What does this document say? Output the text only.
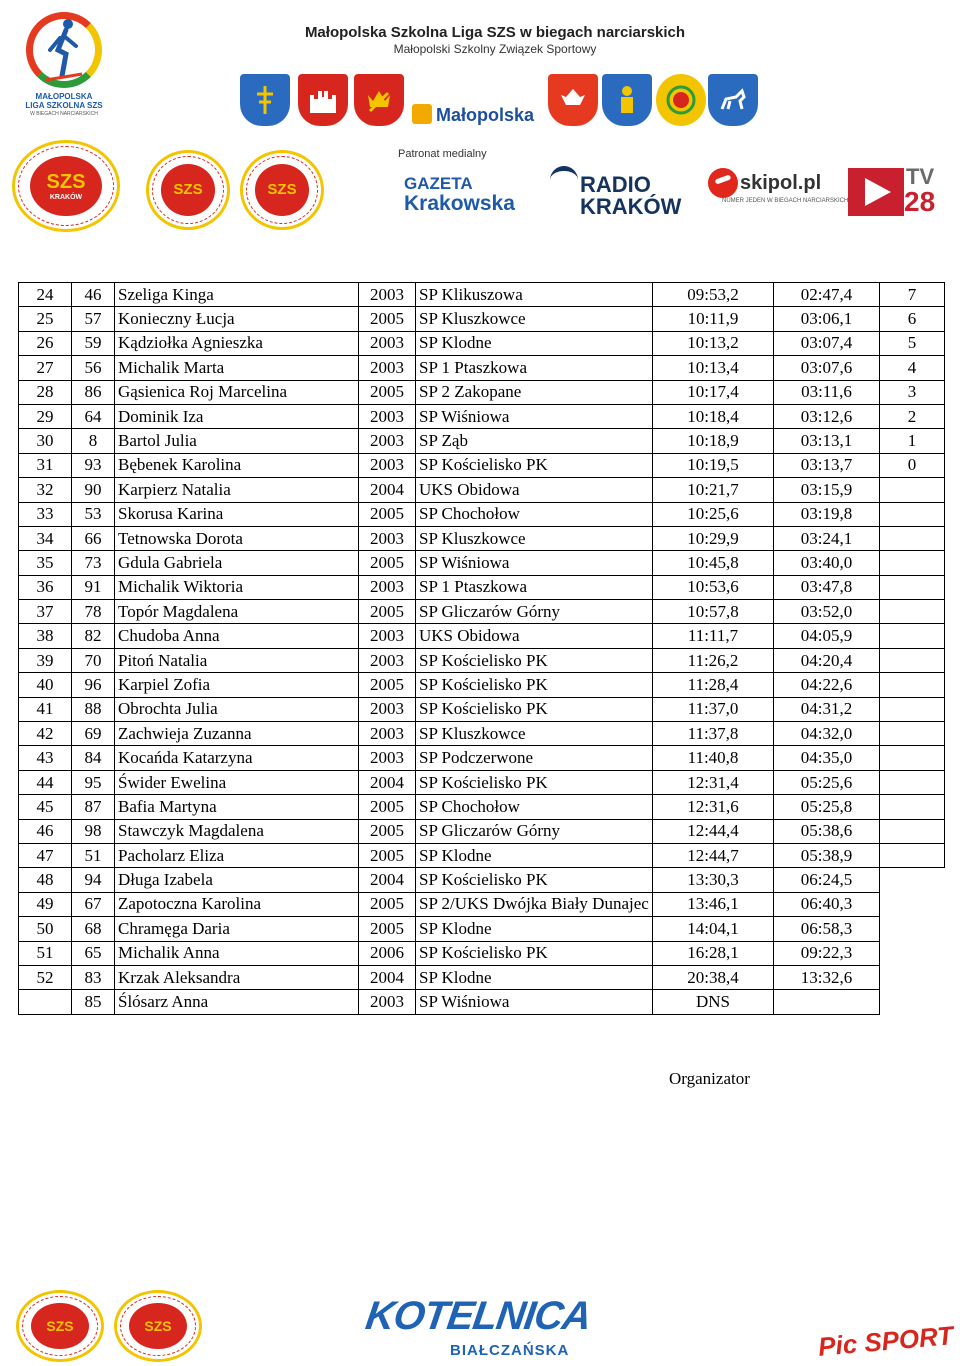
MAŁOPOLSKA
LIGA SZKOLNA SZS
W BIEGACH NARCIARSKICH
Małopolska Szkolna Liga SZS w biegach narciarskich
Małopolski Szkolny Związek Sportowy
Małopolska
SZS
KRAKÓW	SZS	SZS
Patronat medialny
GAZETA
Krakowska
RADIO
KRAKÓW
skipol.pl
NUMER JEDEN W BIEGACH NARCIARSKICH
TV
28
24	46	Szeliga Kinga	2003	SP Klikuszowa	09:53,2	02:47,4	7
25	57	Konieczny Łucja	2005	SP Kluszkowce	10:11,9	03:06,1	6
26	59	Kądziołka Agnieszka	2003	SP Klodne	10:13,2	03:07,4	5
27	56	Michalik Marta	2003	SP 1 Ptaszkowa	10:13,4	03:07,6	4
28	86	Gąsienica Roj Marcelina	2005	SP 2 Zakopane	10:17,4	03:11,6	3
29	64	Dominik Iza	2003	SP Wiśniowa	10:18,4	03:12,6	2
30	8	Bartol Julia	2003	SP Ząb	10:18,9	03:13,1	1
31	93	Bębenek Karolina	2003	SP Kościelisko PK	10:19,5	03:13,7	0
32	90	Karpierz Natalia	2004	UKS Obidowa	10:21,7	03:15,9	
33	53	Skorusa Karina	2005	SP Chochołow	10:25,6	03:19,8	
34	66	Tetnowska Dorota	2003	SP Kluszkowce	10:29,9	03:24,1	
35	73	Gdula Gabriela	2005	SP Wiśniowa	10:45,8	03:40,0	
36	91	Michalik Wiktoria	2003	SP 1 Ptaszkowa	10:53,6	03:47,8	
37	78	Topór Magdalena	2005	SP Gliczarów Górny	10:57,8	03:52,0	
38	82	Chudoba Anna	2003	UKS Obidowa	11:11,7	04:05,9	
39	70	Pitoń Natalia	2003	SP Kościelisko PK	11:26,2	04:20,4	
40	96	Karpiel Zofia	2005	SP Kościelisko PK	11:28,4	04:22,6	
41	88	Obrochta Julia	2003	SP Kościelisko PK	11:37,0	04:31,2	
42	69	Zachwieja Zuzanna	2003	SP Kluszkowce	11:37,8	04:32,0	
43	84	Kocańda Katarzyna	2003	SP Podczerwone	11:40,8	04:35,0	
44	95	Świder Ewelina	2004	SP Kościelisko PK	12:31,4	05:25,6	
45	87	Bafia Martyna	2005	SP Chochołow	12:31,6	05:25,8	
46	98	Stawczyk Magdalena	2005	SP Gliczarów Górny	12:44,4	05:38,6	
47	51	Pacholarz Eliza	2005	SP Klodne	12:44,7	05:38,9	
48	94	Długa Izabela	2004	SP Kościelisko PK	13:30,3	06:24,5	
49	67	Zapotoczna Karolina	2005	SP 2/UKS Dwójka Biały Dunajec	13:46,1	06:40,3	
50	68	Chramęga Daria	2005	SP Klodne	14:04,1	06:58,3	
51	65	Michalik Anna	2006	SP Kościelisko PK	16:28,1	09:22,3	
52	83	Krzak Aleksandra	2004	SP Klodne	20:38,4	13:32,6	
	85	Ślósarz Anna	2003	SP Wiśniowa	DNS		
Organizator
SZS	SZS	KOTELNICA
BIAŁCZAŃSKA	Pic SPORT
